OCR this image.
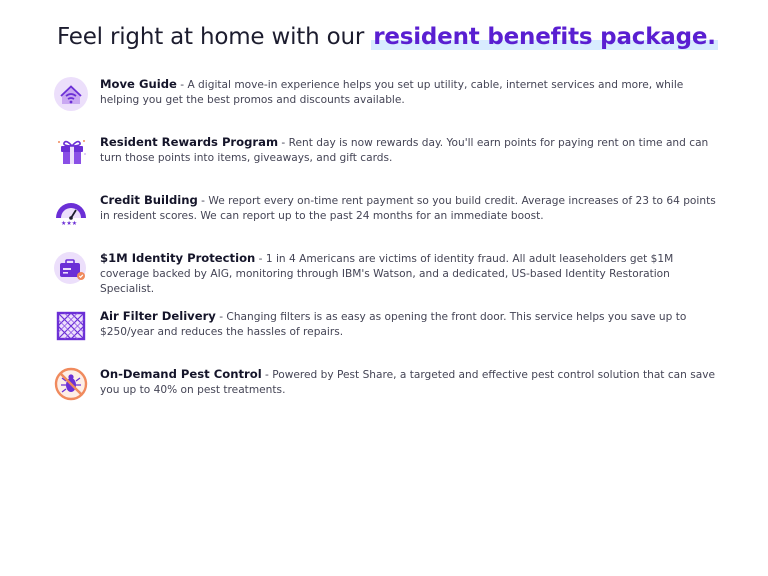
Feel right at home with our resident benefits package.
Move Guide - A digital move-in experience helps you set up utility, cable, internet services and more, while helping you get the best promos and discounts available.
Resident Rewards Program - Rent day is now rewards day. You'll earn points for paying rent on time and can turn those points into items, giveaways, and gift cards.
★★★
Credit Building - We report every on-time rent payment so you build credit. Average increases of 23 to 64 points in resident scores. We can report up to the past 24 months for an immediate boost.
$1M Identity Protection - 1 in 4 Americans are victims of identity fraud. All adult leaseholders get $1M coverage backed by AIG, monitoring through IBM's Watson, and a dedicated, US-based Identity Restoration Specialist.
Air Filter Delivery - Changing filters is as easy as opening the front door. This service helps you save up to $250/year and reduces the hassles of repairs.
On-Demand Pest Control - Powered by Pest Share, a targeted and effective pest control solution that can save you up to 40% on pest treatments.
